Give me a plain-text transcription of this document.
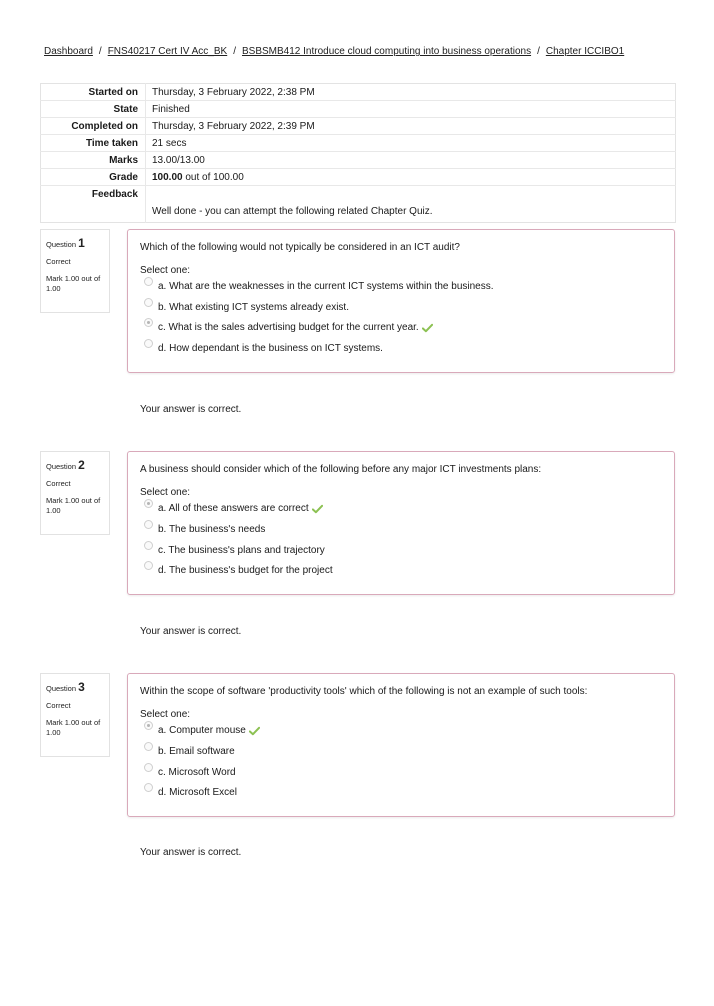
Dashboard / FNS40217 Cert IV Acc_BK / BSBSMB412 Introduce cloud computing into business operations / Chapter ICCIBO1
Started on	Thursday, 3 February 2022, 2:38 PM
State	Finished
Completed on	Thursday, 3 February 2022, 2:39 PM
Time taken	21 secs
Marks	13.00/13.00
Grade	100.00 out of 100.00
Feedback	Well done - you can attempt the following related Chapter Quiz.
Question 1
Correct
Mark 1.00 out of 1.00
Which of the following would not typically be considered in an ICT audit?
Select one:
a. What are the weaknesses in the current ICT systems within the business.
b. What existing ICT systems already exist.
c. What is the sales advertising budget for the current year.
d. How dependant is the business on ICT systems.
Your answer is correct.
Question 2
Correct
Mark 1.00 out of 1.00
A business should consider which of the following before any major ICT investments plans:
Select one:
a. All of these answers are correct
b. The business's needs
c. The business's plans and trajectory
d. The business's budget for the project
Your answer is correct.
Question 3
Correct
Mark 1.00 out of 1.00
Within the scope of software 'productivity tools' which of the following is not an example of such tools:
Select one:
a. Computer mouse
b. Email software
c. Microsoft Word
d. Microsoft Excel
Your answer is correct.
